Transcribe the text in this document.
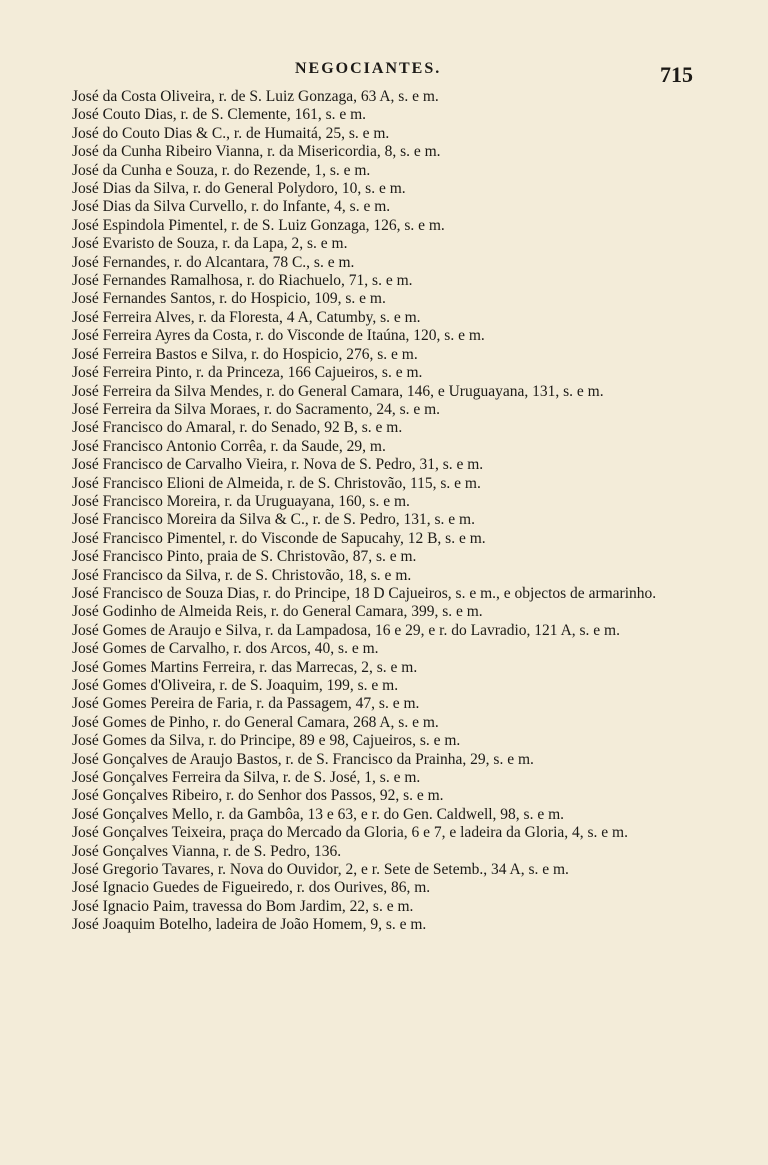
NEGOCIANTES.	715
José da Costa Oliveira, r. de S. Luiz Gonzaga, 63 A, s. e m.
José Couto Dias, r. de S. Clemente, 161, s. e m.
José do Couto Dias & C., r. de Humaitá, 25, s. e m.
José da Cunha Ribeiro Vianna, r. da Misericordia, 8, s. e m.
José da Cunha e Souza, r. do Rezende, 1, s. e m.
José Dias da Silva, r. do General Polydoro, 10, s. e m.
José Dias da Silva Curvello, r. do Infante, 4, s. e m.
José Espindola Pimentel, r. de S. Luiz Gonzaga, 126, s. e m.
José Evaristo de Souza, r. da Lapa, 2, s. e m.
José Fernandes, r. do Alcantara, 78 C., s. e m.
José Fernandes Ramalhosa, r. do Riachuelo, 71, s. e m.
José Fernandes Santos, r. do Hospicio, 109, s. e m.
José Ferreira Alves, r. da Floresta, 4 A, Catumby, s. e m.
José Ferreira Ayres da Costa, r. do Visconde de Itaúna, 120, s. e m.
José Ferreira Bastos e Silva, r. do Hospicio, 276, s. e m.
José Ferreira Pinto, r. da Princeza, 166 Cajueiros, s. e m.
José Ferreira da Silva Mendes, r. do General Camara, 146, e Uruguayana, 131, s. e m.
José Ferreira da Silva Moraes, r. do Sacramento, 24, s. e m.
José Francisco do Amaral, r. do Senado, 92 B, s. e m.
José Francisco Antonio Corrêa, r. da Saude, 29, m.
José Francisco de Carvalho Vieira, r. Nova de S. Pedro, 31, s. e m.
José Francisco Elioni de Almeida, r. de S. Christovão, 115, s. e m.
José Francisco Moreira, r. da Uruguayana, 160, s. e m.
José Francisco Moreira da Silva & C., r. de S. Pedro, 131, s. e m.
José Francisco Pimentel, r. do Visconde de Sapucahy, 12 B, s. e m.
José Francisco Pinto, praia de S. Christovão, 87, s. e m.
José Francisco da Silva, r. de S. Christovão, 18, s. e m.
José Francisco de Souza Dias, r. do Principe, 18 D Cajueiros, s. e m., e objectos de armarinho.
José Godinho de Almeida Reis, r. do General Camara, 399, s. e m.
José Gomes de Araujo e Silva, r. da Lampadosa, 16 e 29, e r. do Lavradio, 121 A, s. e m.
José Gomes de Carvalho, r. dos Arcos, 40, s. e m.
José Gomes Martins Ferreira, r. das Marrecas, 2, s. e m.
José Gomes d'Oliveira, r. de S. Joaquim, 199, s. e m.
José Gomes Pereira de Faria, r. da Passagem, 47, s. e m.
José Gomes de Pinho, r. do General Camara, 268 A, s. e m.
José Gomes da Silva, r. do Principe, 89 e 98, Cajueiros, s. e m.
José Gonçalves de Araujo Bastos, r. de S. Francisco da Prainha, 29, s. e m.
José Gonçalves Ferreira da Silva, r. de S. José, 1, s. e m.
José Gonçalves Ribeiro, r. do Senhor dos Passos, 92, s. e m.
José Gonçalves Mello, r. da Gambôa, 13 e 63, e r. do Gen. Caldwell, 98, s. e m.
José Gonçalves Teixeira, praça do Mercado da Gloria, 6 e 7, e ladeira da Gloria, 4, s. e m.
José Gonçalves Vianna, r. de S. Pedro, 136.
José Gregorio Tavares, r. Nova do Ouvidor, 2, e r. Sete de Setemb., 34 A, s. e m.
José Ignacio Guedes de Figueiredo, r. dos Ourives, 86, m.
José Ignacio Paim, travessa do Bom Jardim, 22, s. e m.
José Joaquim Botelho, ladeira de João Homem, 9, s. e m.
